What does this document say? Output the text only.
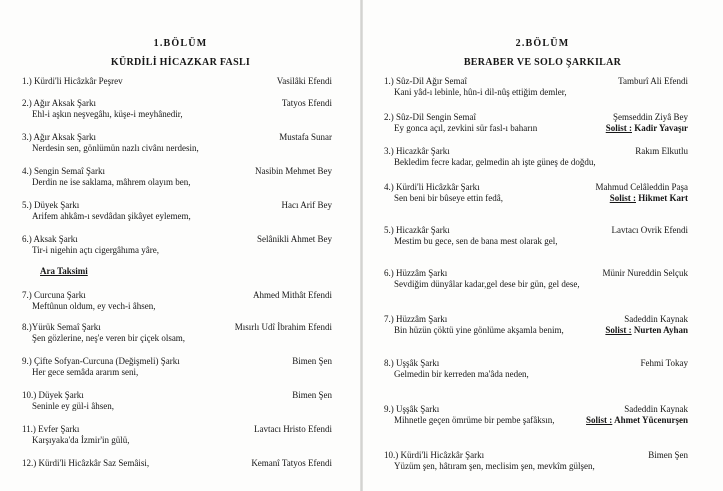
1.BÖLÜM
KÜRDİLİ HİCAZKAR FASLI
1.) Kürdi'li Hicâzkâr Peşrev	Vasilâki Efendi
2.) Ağır Aksak Şarkı	Tatyos Efendi
Ehl-i aşkın neşvegâhı, küşe-i meyhânedir,
3.) Ağır Aksak Şarkı	Mustafa Sunar
Nerdesin sen, gönlümün nazlı civânı nerdesin,
4.) Sengin Semaî Şarkı	Nasibin Mehmet Bey
Derdin ne ise saklama, mâhrem olayım ben,
5.) Düyek Şarkı	Hacı Arif Bey
Arifem ahkâm-ı sevdâdan şikâyet eylemem,
6.) Aksak Şarkı	Selânikli Ahmet Bey
Tir-i nigehin açtı cigergâhıma yâre,
Ara Taksimi
7.) Curcuna Şarkı	Ahmed Mithât Efendi
Meftûnun oldum, ey vech-i âhsen,
8.)Yürük Semaî Şarkı	Mısırlı Udî İbrahim Efendi
Şen gözlerine, neş'e veren bir çiçek olsam,
9.) Çifte Sofyan-Curcuna (Değişmeli) Şarkı	Bimen Şen
Her gece semâda ararım seni,
10.) Düyek Şarkı	Bimen Şen
Seninle ey gül-i âhsen,
11.) Evfer Şarkı	Lavtacı Hristo Efendi
Karşıyaka'da İzmir'in gülü,
12.) Kürdi'li Hicâzkâr Saz Semâisi,	Kemanî Tatyos Efendi
2.BÖLÜM
BERABER VE SOLO ŞARKILAR
1.) Sûz-Dil Ağır Semaî	Tamburî Ali Efendi
Kani yâd-ı lebinle, hûn-i dil-nûş ettiğim demler,
2.) Sûz-Dil Sengin Semaî	Şemseddin Ziyâ Bey
Ey gonca açıl, zevkini sür fasl-ı baharın	Solist : Kadir Yavaşır
3.) Hicazkâr Şarkı	Rakım Elkutlu
Bekledim fecre kadar, gelmedin ah işte güneş de doğdu,
4.) Kürdi'li Hicâzkâr Şarkı	Mahmud Celâleddin Paşa
Sen beni bir bûseye ettin fedâ,	Solist : Hikmet Kart
5.) Hicazkâr Şarkı	Lavtacı Ovrik Efendi
Mestim bu gece, sen de bana mest olarak gel,
6.) Hüzzâm Şarkı	Münir Nureddin Selçuk
Sevdiğim dünyâlar kadar,gel dese bir gün, gel dese,
7.) Hüzzâm Şarkı	Sadeddin Kaynak
Bin hüzün çöktü yine gönlüme akşamla benim,	Solist : Nurten Ayhan
8.) Uşşâk Şarkı	Fehmi Tokay
Gelmedin bir kerreden ma'âda neden,
9.) Uşşâk Şarkı	Sadeddin Kaynak
Mihnetle geçen ömrüme bir pembe şafâksın,	Solist : Ahmet Yücenurşen
10.) Kürdi'li Hicâzkâr Şarkı	Bimen Şen
Yüzüm şen, hâtıram şen, meclisim şen, mevkîm gülşen,
